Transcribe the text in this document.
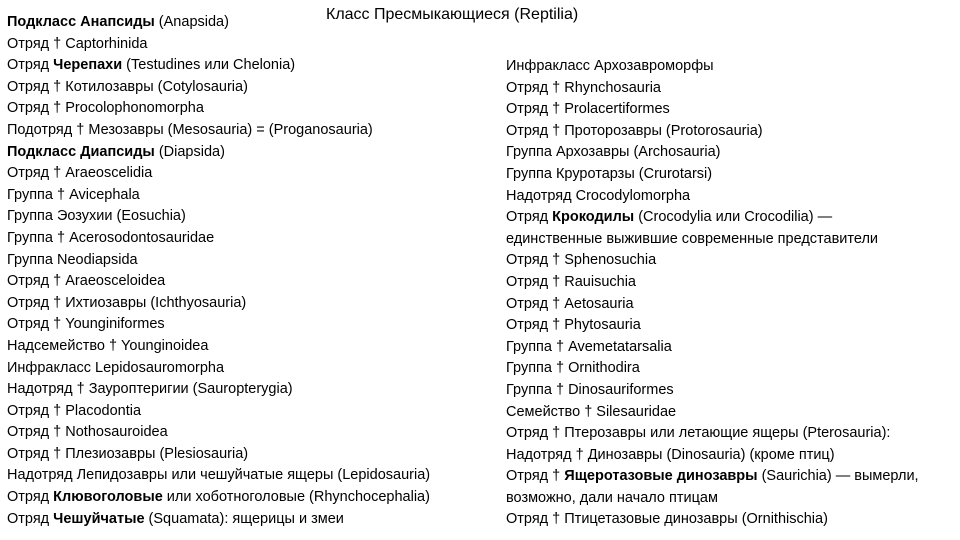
Класс Пресмыкающиеся (Reptilia)
Подкласс Анапсиды (Anapsida)
Отряд † Captorhinida
Отряд Черепахи (Testudines или Chelonia)
Отряд † Котилозавры (Cotylosauria)
Отряд † Procolophonomorpha
Подотряд † Мезозавры (Mesosauria) = (Proganosauria)
Подкласс Диапсиды (Diapsida)
Отряд † Araeoscelidia
Группа † Avicephala
Группа Эозухии (Eosuchia)
Группа † Acerosodontosauridae
Группа Neodiapsida
Отряд † Araeosceloidea
Отряд † Ихтиозавры (Ichthyosauria)
Отряд † Younginiformes
Надсемейство † Younginoidea
Инфракласс Lepidosauromorpha
Надотряд † Зауроптеригии (Sauropterygia)
Отряд † Placodontia
Отряд † Nothosauroidea
Отряд † Плезиозавры (Plesiosauria)
Надотряд Лепидозавры или чешуйчатые ящеры (Lepidosauria)
Отряд Клювоголовые или хоботноголовые (Rhynchocephalia)
Отряд Чешуйчатые (Squamata): ящерицы и змеи
Инфракласс Архозавроморфы
Отряд † Rhynchosauria
Отряд † Prolacertiformes
Отряд † Проторозавры (Protorosauria)
Группа Архозавры (Archosauria)
Группа Круротарзы (Crurotarsi)
Надотряд Crocodylomorpha
Отряд Крокодилы (Crocodylia или Crocodilia) —
единственные выжившие современные представители
Отряд † Sphenosuchia
Отряд † Rauisuchia
Отряд † Aetosauria
Отряд † Phytosauria
Группа † Avemetatarsalia
Группа † Ornithodira
Группа † Dinosauriformes
Семейство † Silesauridae
Отряд † Птерозавры или летающие ящеры (Pterosauria):
Надотряд † Динозавры (Dinosauria) (кроме птиц)
Отряд † Ящеротазовые динозавры (Saurichia) — вымерли,
возможно, дали начало птицам
Отряд † Птицетазовые динозавры (Ornithischia)
